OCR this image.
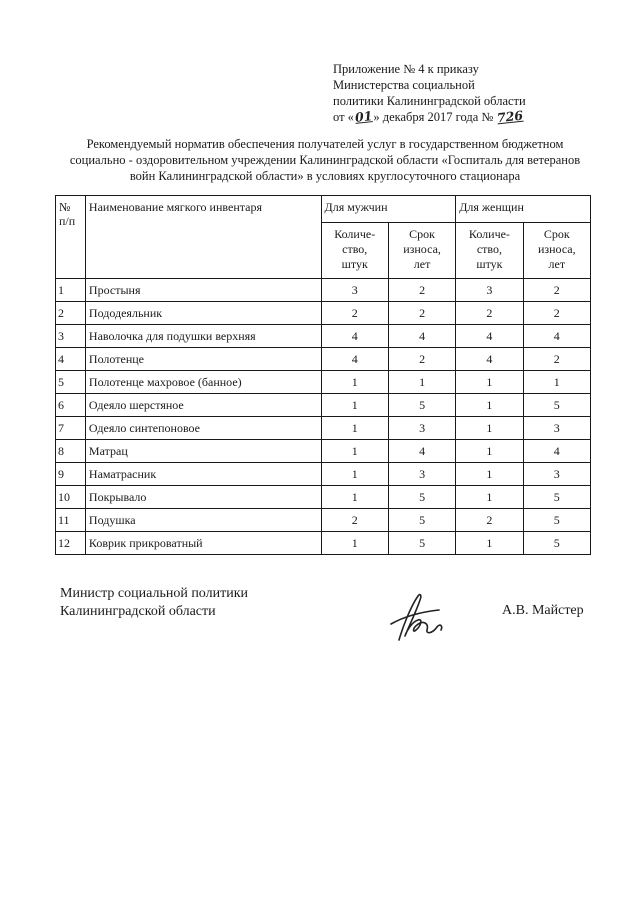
Приложение № 4 к приказу
Министерства социальной
политики Калининградской области
от «01» декабря 2017 года № 726
Рекомендуемый норматив обеспечения получателей услуг в государственном бюджетном
социально - оздоровительном учреждении Калининградской области «Госпиталь для ветеранов
войн Калининградской области» в условиях круглосуточного стационара
№
п/п	Наименование мягкого инвентаря	Для мужчин		Для женщин	
		Количе-
ство,
штук	Срок
износа,
лет	Количе-
ство,
штук	Срок
износа,
лет
1	Простыня	3	2	3	2
2	Пододеяльник	2	2	2	2
3	Наволочка для подушки верхняя	4	4	4	4
4	Полотенце	4	2	4	2
5	Полотенце махровое (банное)	1	1	1	1
6	Одеяло шерстяное	1	5	1	5
7	Одеяло синтепоновое	1	3	1	3
8	Матрац	1	4	1	4
9	Наматрасник	1	3	1	3
10	Покрывало	1	5	1	5
11	Подушка	2	5	2	5
12	Коврик прикроватный	1	5	1	5
Министр социальной политики
Калининградской области	А.В. Майстер
